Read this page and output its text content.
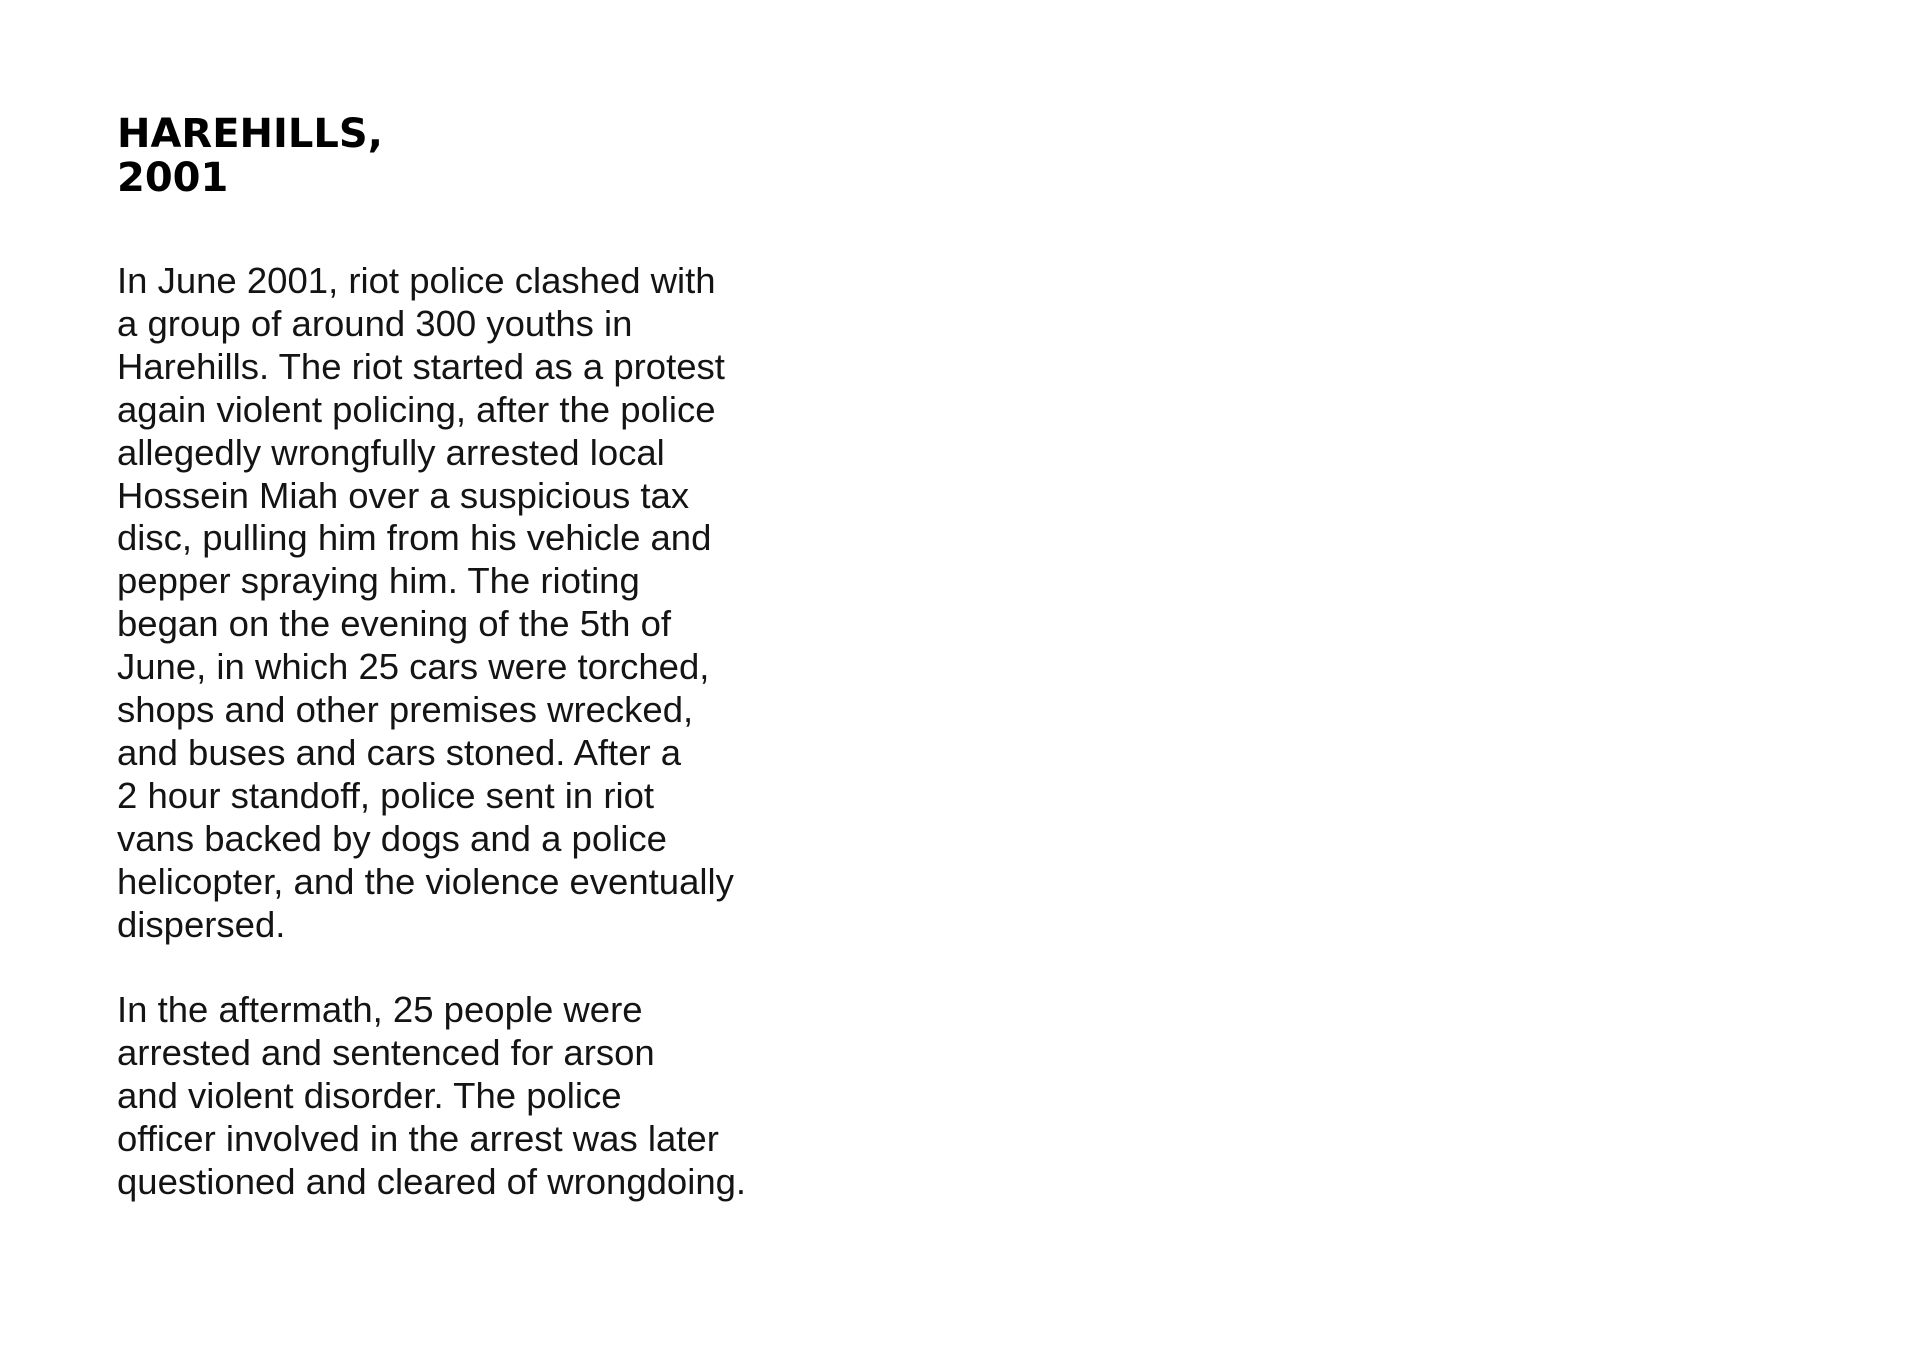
HAREHILLS,
2001

In June 2001, riot police clashed with
a group of around 300 youths in
Harehills. The riot started as a protest
again violent policing, after the police
allegedly wrongfully arrested local
Hossein Miah over a suspicious tax
disc, pulling him from his vehicle and
pepper spraying him. The rioting
began on the evening of the 5th of
June, in which 25 cars were torched,
shops and other premises wrecked,
and buses and cars stoned. After a
2 hour standoff, police sent in riot
vans backed by dogs and a police
helicopter, and the violence eventually
dispersed.

In the aftermath, 25 people were
arrested and sentenced for arson
and violent disorder. The police
officer involved in the arrest was later
questioned and cleared of wrongdoing.
